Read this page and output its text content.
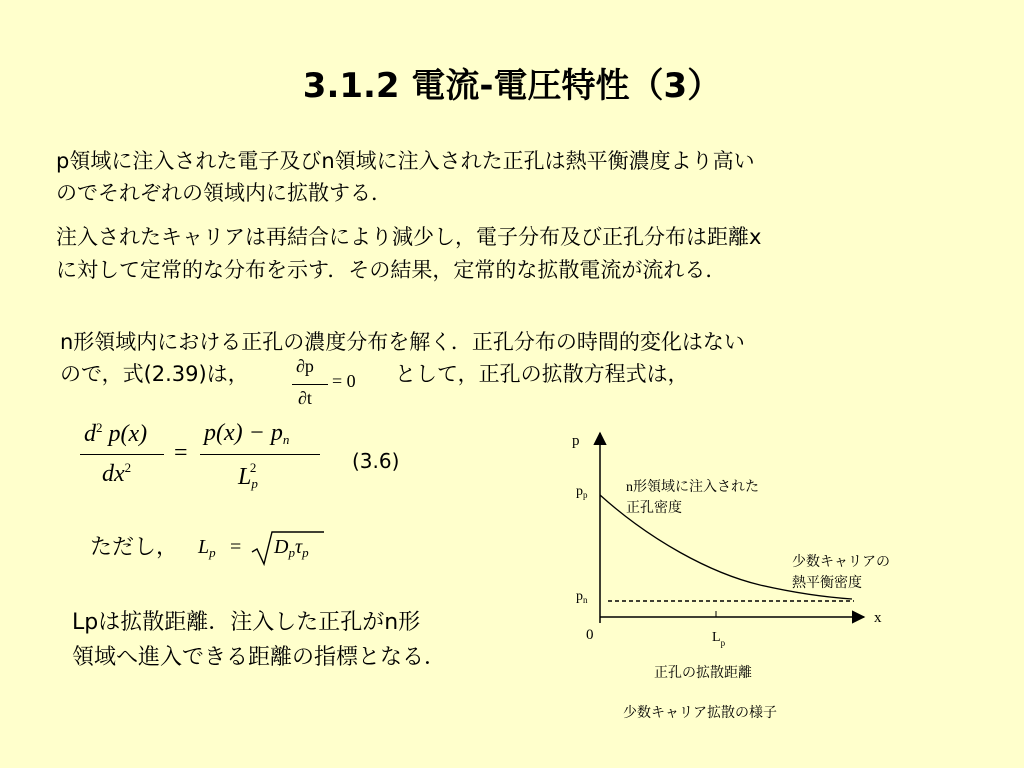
3.1.2 電流-電圧特性（3）
p領域に注入された電子及びn領域に注入された正孔は熱平衡濃度より高い
のでそれぞれの領域内に拡散する．
注入されたキャリアは再結合により減少し，電子分布及び正孔分布は距離x
に対して定常的な分布を示す．その結果，定常的な拡散電流が流れる．
n形領域内における正孔の濃度分布を解く．正孔分布の時間的変化はない
ので，式(2.39)は，	∂p
∂t
= 0 として，正孔の拡散方程式は，
$d^2$ p(x)
$dx^2$
=
$p(x) - p_n$
$L_p^2$	(3.6)
ただし， $L_p = D_p\tau_p$
Lpは拡散距離．注入した正孔がn形
領域へ進入できる距離の指標となる．
p
x
0
$p_p$
$p_n$
$L_p$
n形領域に注入された
正孔密度
少数キャリアの
熱平衡密度
正孔の拡散距離
少数キャリア拡散の様子
